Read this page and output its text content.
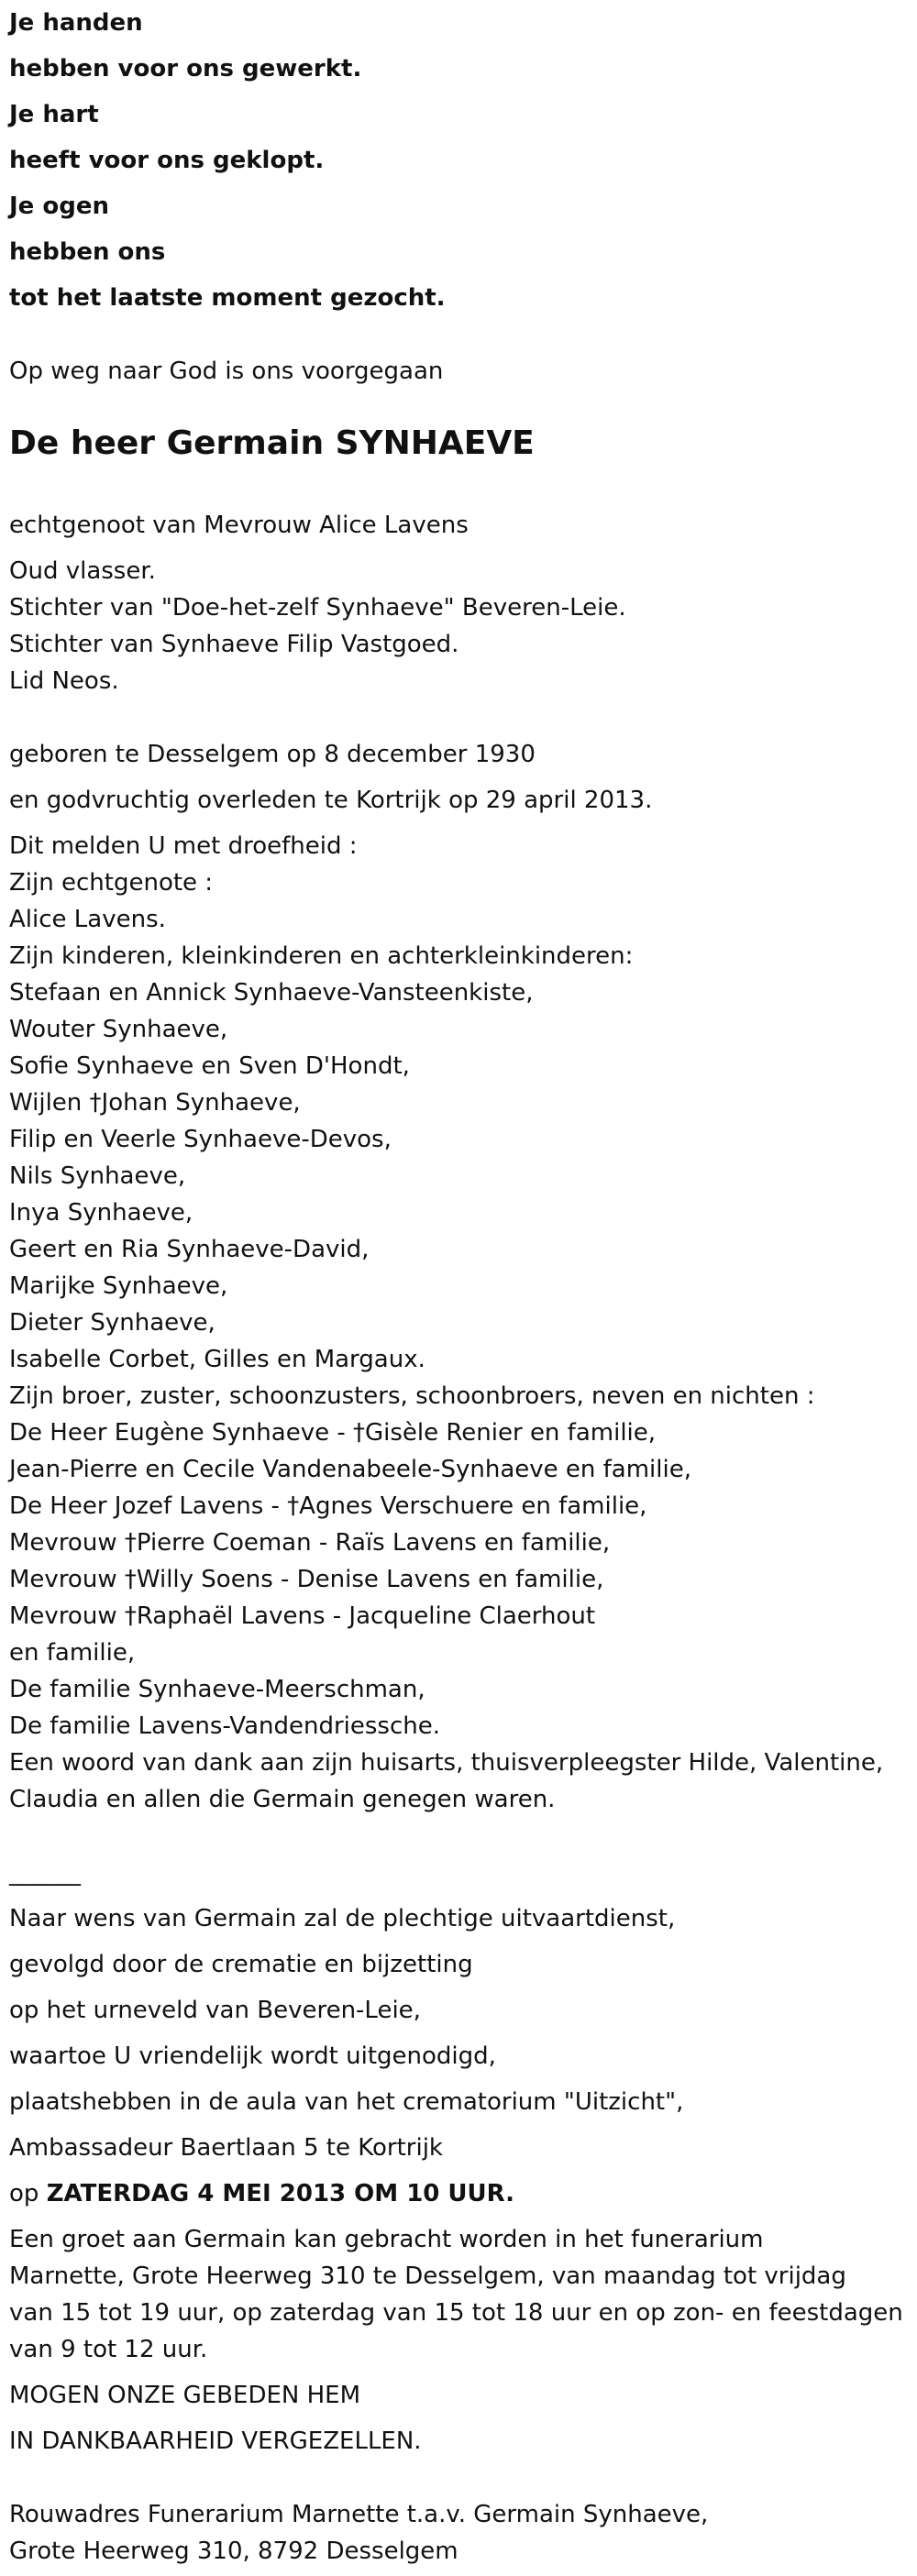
Je handen

hebben voor ons gewerkt.

Je hart

heeft voor ons geklopt.

Je ogen

hebben ons

tot het laatste moment gezocht.

Op weg naar God is ons voorgegaan

De heer Germain SYNHAEVE

echtgenoot van Mevrouw Alice Lavens

Oud vlasser.

Stichter van "Doe-het-zelf Synhaeve" Beveren-Leie.

Stichter van Synhaeve Filip Vastgoed.

Lid Neos.

geboren te Desselgem op 8 december 1930

en godvruchtig overleden te Kortrijk op 29 april 2013.

Dit melden U met droefheid :

Zijn echtgenote :

Alice Lavens.

Zijn kinderen, kleinkinderen en achterkleinkinderen:

Stefaan en Annick Synhaeve-Vansteenkiste,

Wouter Synhaeve,

Sofie Synhaeve en Sven D'Hondt,

Wijlen †Johan Synhaeve,

Filip en Veerle Synhaeve-Devos,

Nils Synhaeve,

Inya Synhaeve,

Geert en Ria Synhaeve-David,

Marijke Synhaeve,

Dieter Synhaeve,

Isabelle Corbet, Gilles en Margaux.

Zijn broer, zuster, schoonzusters, schoonbroers, neven en nichten :

De Heer Eugène Synhaeve - †Gisèle Renier en familie,

Jean-Pierre en Cecile Vandenabeele-Synhaeve en familie,

De Heer Jozef Lavens - †Agnes Verschuere en familie,

Mevrouw †Pierre Coeman - Raïs Lavens en familie,

Mevrouw †Willy Soens - Denise Lavens en familie,

Mevrouw †Raphaël Lavens - Jacqueline Claerhout

en familie,

De familie Synhaeve-Meerschman,

De familie Lavens-Vandendriessche.

Een woord van dank aan zijn huisarts, thuisverpleegster Hilde, Valentine,

Claudia en allen die Germain genegen waren.

______

Naar wens van Germain zal de plechtige uitvaartdienst,

gevolgd door de crematie en bijzetting

op het urneveld van Beveren-Leie,

waartoe U vriendelijk wordt uitgenodigd,

plaatshebben in de aula van het crematorium "Uitzicht",

Ambassadeur Baertlaan 5 te Kortrijk

op ZATERDAG 4 MEI 2013 OM 10 UUR.

Een groet aan Germain kan gebracht worden in het funerarium

Marnette, Grote Heerweg 310 te Desselgem, van maandag tot vrijdag

van 15 tot 19 uur, op zaterdag van 15 tot 18 uur en op zon- en feestdagen

van 9 tot 12 uur.

MOGEN ONZE GEBEDEN HEM

IN DANKBAARHEID VERGEZELLEN.

Rouwadres Funerarium Marnette t.a.v. Germain Synhaeve,

Grote Heerweg 310, 8792 Desselgem
